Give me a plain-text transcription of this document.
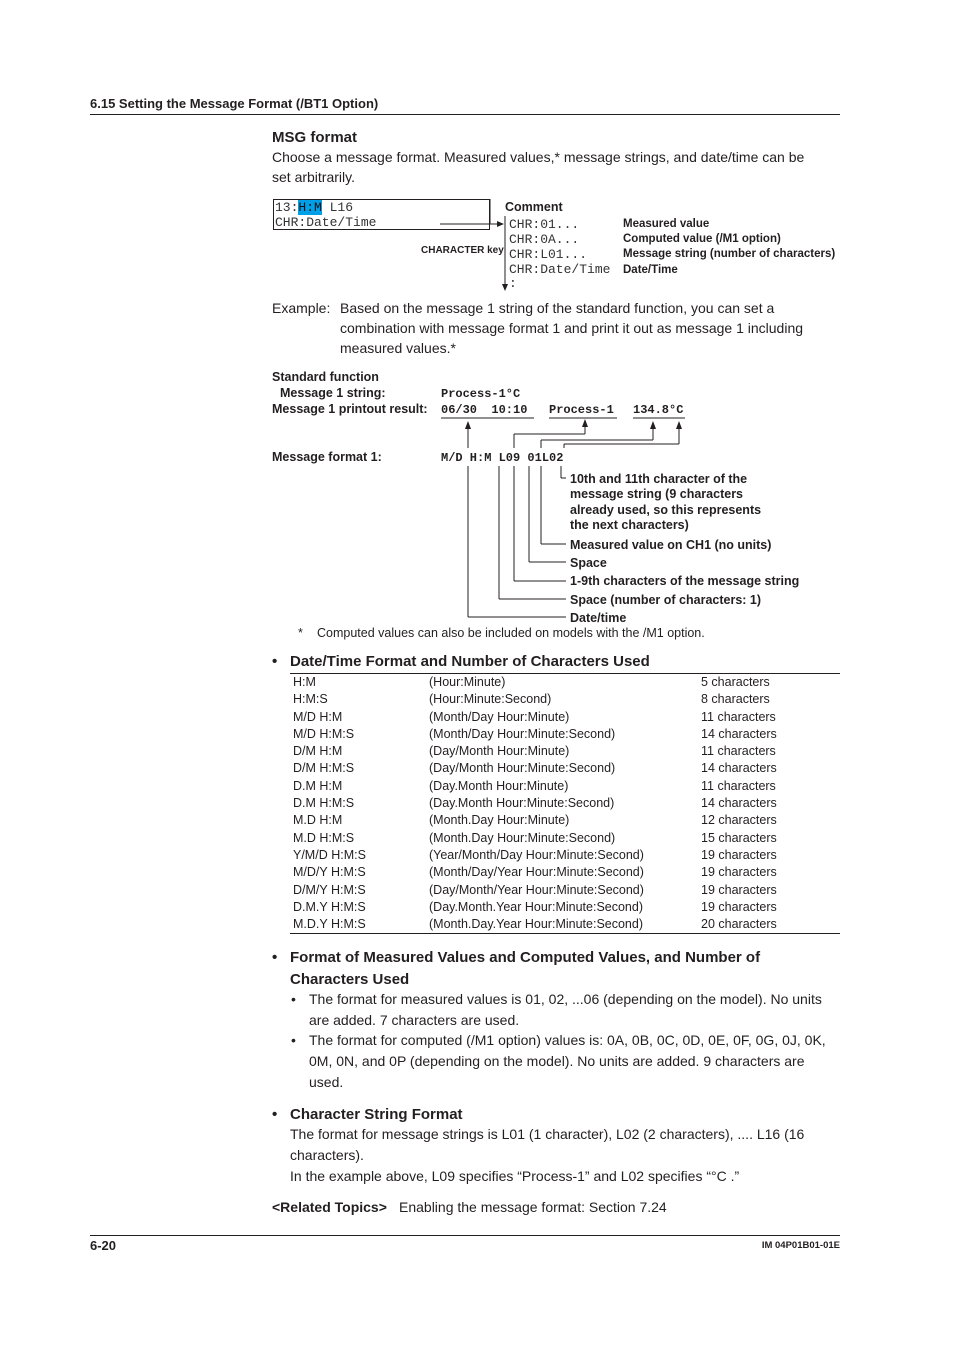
6.15 Setting the Message Format (/BT1 Option)
MSG format
Choose a message format. Measured values,* message strings, and date/time can be
set arbitrarily.
13:H:M L16
CHR:Date/Time
Comment
CHARACTER key
CHR:01...
CHR:0A...
CHR:L01...
CHR:Date/Time
:
Measured value
Computed value (/M1 option)
Message string (number of characters)
Date/Time
Example: Based on the message 1 string of the standard function, you can set a
combination with message format 1 and print it out as message 1 including
measured values.*
Standard function
Message 1 string:	Process-1°C
Message 1 printout result: 06/30  10:10 Process-1 134.8°C
Message format 1:	M/D H:M L09 01L02
10th and 11th character of the
message string (9 characters
already used, so this represents
the next characters)
Measured value on CH1 (no units)
Space
1-9th characters of the message string
Space (number of characters: 1)
Date/time
* Computed values can also be included on models with the /M1 option.
• Date/Time Format and Number of Characters Used
H:M	(Hour:Minute)	5 characters
H:M:S	(Hour:Minute:Second)	8 characters
M/D H:M	(Month/Day Hour:Minute)	11 characters
M/D H:M:S	(Month/Day Hour:Minute:Second)	14 characters
D/M H:M	(Day/Month Hour:Minute)	11 characters
D/M H:M:S	(Day/Month Hour:Minute:Second)	14 characters
D.M H:M	(Day.Month Hour:Minute)	11 characters
D.M H:M:S	(Day.Month Hour:Minute:Second)	14 characters
M.D H:M	(Month.Day Hour:Minute)	12 characters
M.D H:M:S	(Month.Day Hour:Minute:Second)	15 characters
Y/M/D H:M:S	(Year/Month/Day Hour:Minute:Second)	19 characters
M/D/Y H:M:S	(Month/Day/Year Hour:Minute:Second)	19 characters
D/M/Y H:M:S	(Day/Month/Year Hour:Minute:Second)	19 characters
D.M.Y H:M:S	(Day.Month.Year Hour:Minute:Second)	19 characters
M.D.Y H:M:S	(Month.Day.Year Hour:Minute:Second)	20 characters
• Format of Measured Values and Computed Values, and Number of
Characters Used
• The format for measured values is 01, 02, ...06 (depending on the model). No units
are added. 7 characters are used.
• The format for computed (/M1 option) values is: 0A, 0B, 0C, 0D, 0E, 0F, 0G, 0J, 0K,
0M, 0N, and 0P (depending on the model). No units are added. 9 characters are
used.
• Character String Format
The format for message strings is L01 (1 character), L02 (2 characters), .... L16 (16
characters).
In the example above, L09 specifies “Process-1” and L02 specifies “°C .”
<Related Topics> Enabling the message format: Section 7.24
6-20	IM 04P01B01-01E
